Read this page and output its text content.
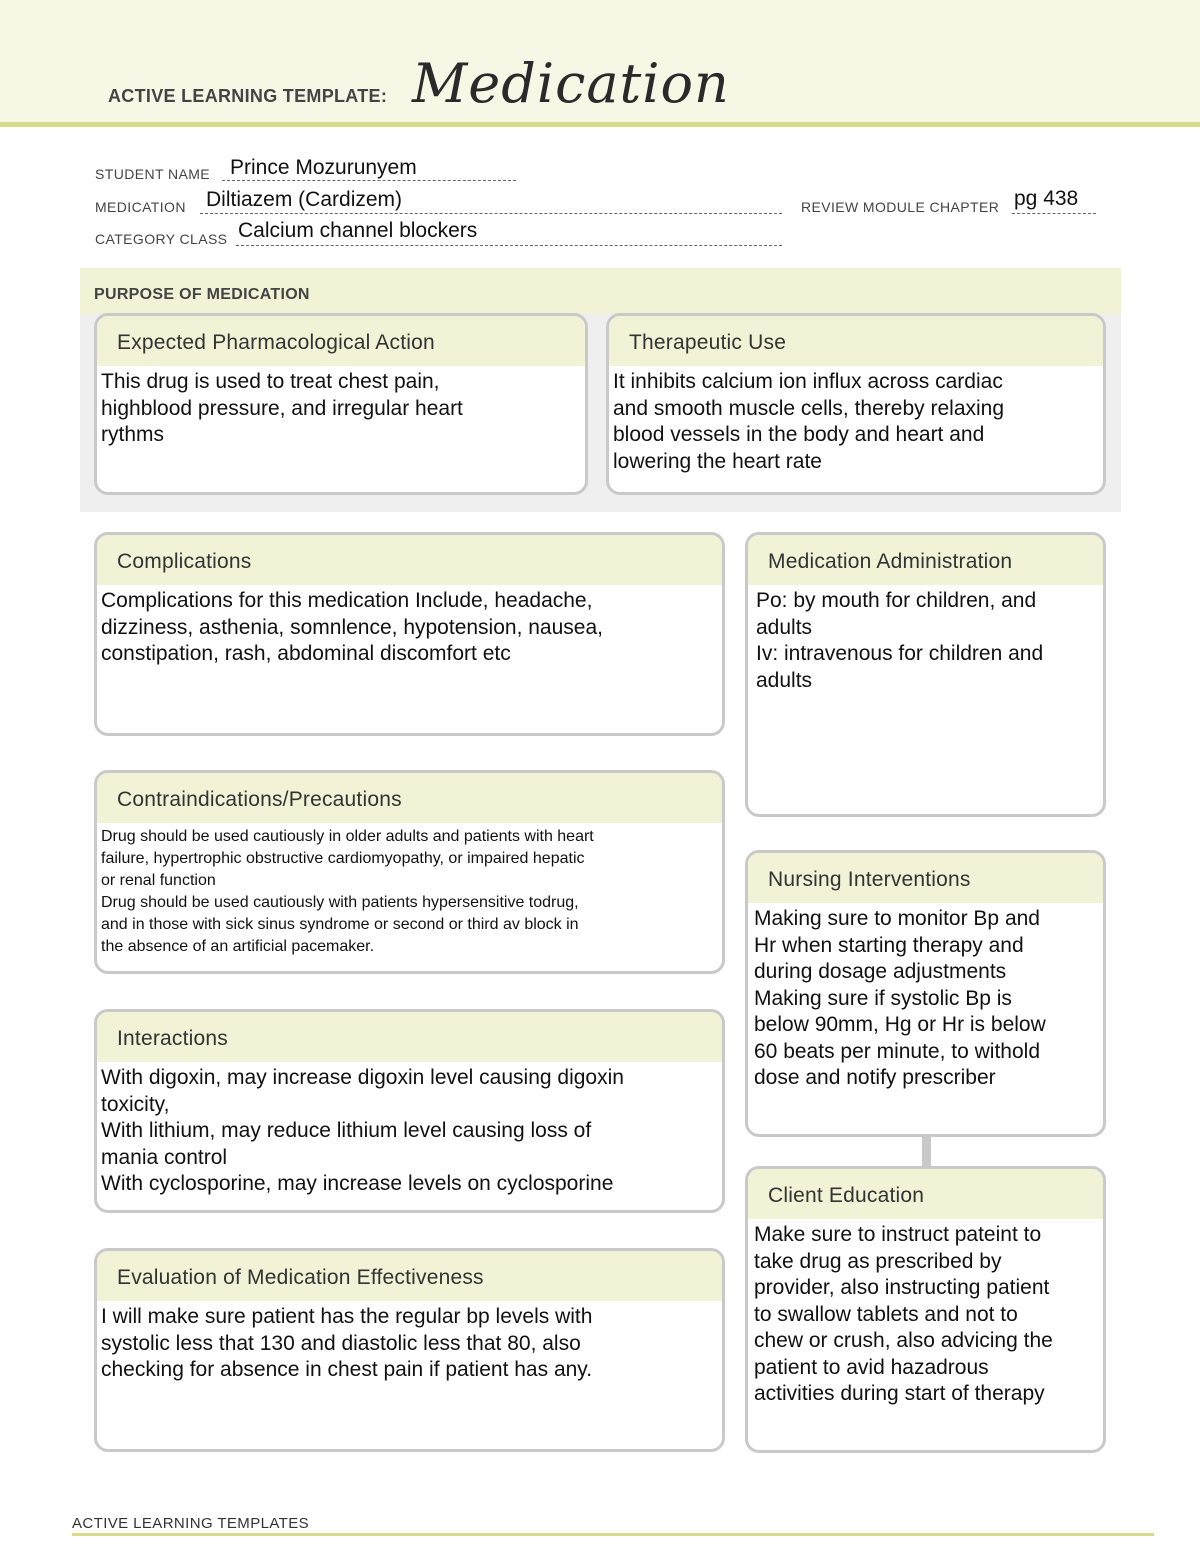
ACTIVE LEARNING TEMPLATE: Medication
STUDENT NAME Prince Mozurunyem
MEDICATION Diltiazem (Cardizem)	REVIEW MODULE CHAPTER pg 438
CATEGORY CLASS Calcium channel blockers
PURPOSE OF MEDICATION
Expected Pharmacological Action
This drug is used to treat chest pain,
highblood pressure, and irregular heart
rythms
Therapeutic Use
It inhibits calcium ion influx across cardiac
and smooth muscle cells, thereby relaxing
blood vessels in the body and heart and
lowering the heart rate
Complications
Complications for this medication Include, headache,
dizziness, asthenia, somnlence, hypotension, nausea,
constipation, rash, abdominal discomfort etc
Contraindications/Precautions
Drug should be used cautiously in older adults and patients with heart
failure, hypertrophic obstructive cardiomyopathy, or impaired hepatic
or renal function
Drug should be used cautiously with patients hypersensitive todrug,
and in those with sick sinus syndrome or second or third av block in
the absence of an artificial pacemaker.
Interactions
With digoxin, may increase digoxin level causing digoxin
toxicity,
With lithium, may reduce lithium level causing loss of
mania control
With cyclosporine, may increase levels on cyclosporine
Evaluation of Medication Effectiveness
I will make sure patient has the regular bp levels with
systolic less that 130 and diastolic less that 80, also
checking for absence in chest pain if patient has any.
Medication Administration
Po: by mouth for children, and
adults
Iv: intravenous for children and
adults
Nursing Interventions
Making sure to monitor Bp and
Hr when starting therapy and
during dosage adjustments
Making sure if systolic Bp is
below 90mm, Hg or Hr is below
60 beats per minute, to withold
dose and notify prescriber
Client Education
Make sure to instruct pateint to
take drug as prescribed by
provider, also instructing patient
to swallow tablets and not to
chew or crush, also advicing the
patient to avid hazadrous
activities during start of therapy
ACTIVE LEARNING TEMPLATES
